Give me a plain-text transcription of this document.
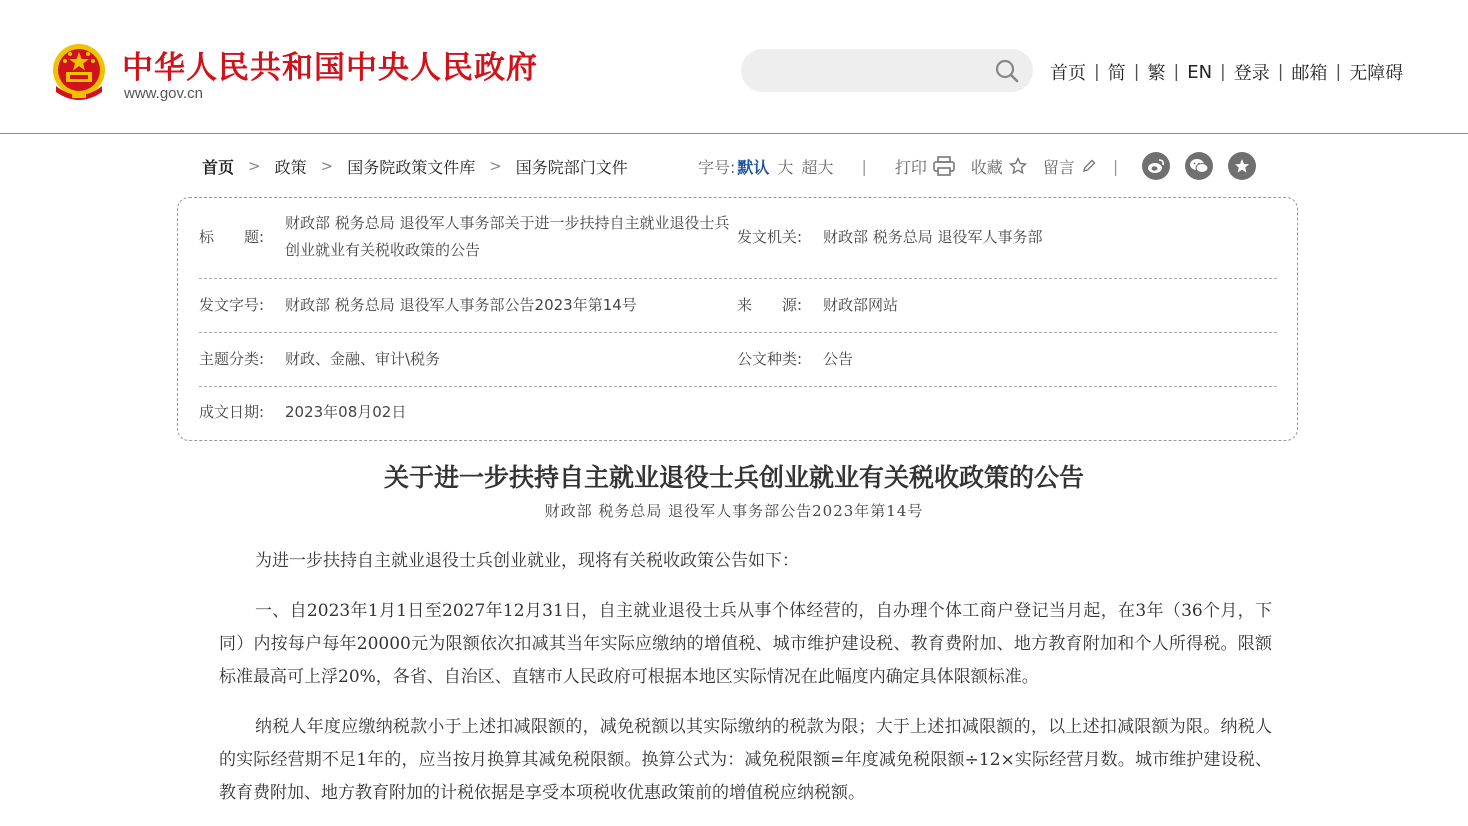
中华人民共和国中央人民政府
www.gov.cn
首页 | 简 | 繁 | EN | 登录 | 邮箱 | 无障碍
首页 > 政策 > 国务院政策文件库 > 国务院部门文件	字号: 默认 大 超大 | 打印	收藏	留言 |
标　　题:
财政部 税务总局 退役军人事务部关于进一步扶持自主就业退役士兵创业就业有关税收政策的公告
发文机关:	财政部 税务总局 退役军人事务部
发文字号:	财政部 税务总局 退役军人事务部公告2023年第14号	来　　源:	财政部网站
主题分类:	财政、金融、审计\税务	公文种类:	公告
成文日期:	2023年08月02日
关于进一步扶持自主就业退役士兵创业就业有关税收政策的公告
财政部 税务总局 退役军人事务部公告2023年第14号

为进一步扶持自主就业退役士兵创业就业，现将有关税收政策公告如下：

一、自2023年1月1日至2027年12月31日，自主就业退役士兵从事个体经营的，自办理个体工商户登记当月起，在3年（36个月，下同）内按每户每年20000元为限额依次扣减其当年实际应缴纳的增值税、城市维护建设税、教育费附加、地方教育附加和个人所得税。限额标准最高可上浮20%，各省、自治区、直辖市人民政府可根据本地区实际情况在此幅度内确定具体限额标准。

纳税人年度应缴纳税款小于上述扣减限额的，减免税额以其实际缴纳的税款为限；大于上述扣减限额的，以上述扣减限额为限。纳税人的实际经营期不足1年的，应当按月换算其减免税限额。换算公式为：减免税限额=年度减免税限额÷12×实际经营月数。城市维护建设税、教育费附加、地方教育附加的计税依据是享受本项税收优惠政策前的增值税应纳税额。
